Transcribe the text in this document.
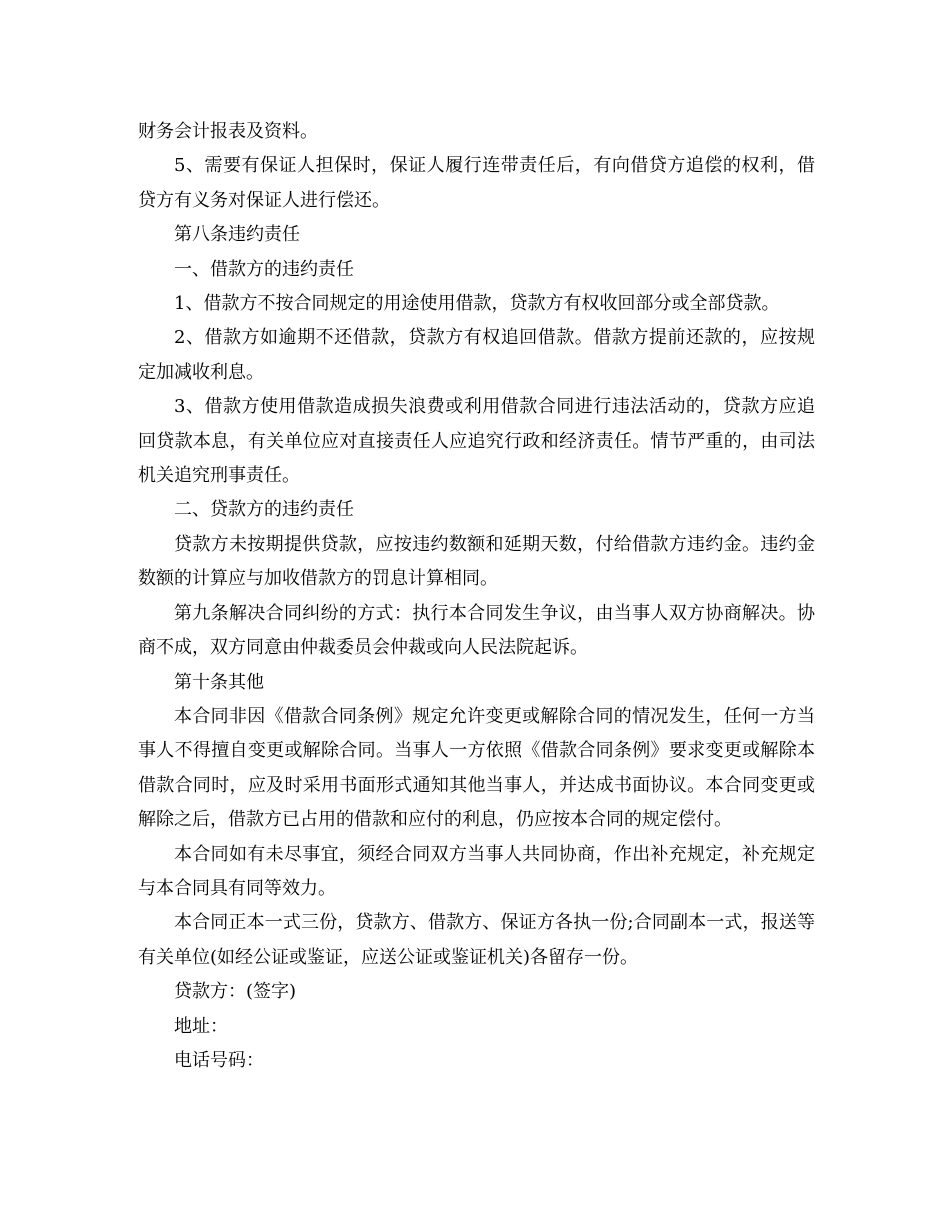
财务会计报表及资料。

5、需要有保证人担保时，保证人履行连带责任后，有向借贷方追偿的权利，借贷方有义务对保证人进行偿还。

第八条违约责任

一、借款方的违约责任

1、借款方不按合同规定的用途使用借款，贷款方有权收回部分或全部贷款。

2、借款方如逾期不还借款，贷款方有权追回借款。借款方提前还款的，应按规定加减收利息。

3、借款方使用借款造成损失浪费或利用借款合同进行违法活动的，贷款方应追回贷款本息，有关单位应对直接责任人应追究行政和经济责任。情节严重的，由司法机关追究刑事责任。

二、贷款方的违约责任

贷款方未按期提供贷款，应按违约数额和延期天数，付给借款方违约金。违约金数额的计算应与加收借款方的罚息计算相同。

第九条解决合同纠纷的方式：执行本合同发生争议，由当事人双方协商解决。协商不成，双方同意由仲裁委员会仲裁或向人民法院起诉。

第十条其他

本合同非因《借款合同条例》规定允许变更或解除合同的情况发生，任何一方当事人不得擅自变更或解除合同。当事人一方依照《借款合同条例》要求变更或解除本借款合同时，应及时采用书面形式通知其他当事人，并达成书面协议。本合同变更或解除之后，借款方已占用的借款和应付的利息，仍应按本合同的规定偿付。

本合同如有未尽事宜，须经合同双方当事人共同协商，作出补充规定，补充规定与本合同具有同等效力。

本合同正本一式三份，贷款方、借款方、保证方各执一份;合同副本一式，报送等有关单位(如经公证或鉴证，应送公证或鉴证机关)各留存一份。

贷款方：(签字)

地址：

电话号码：
